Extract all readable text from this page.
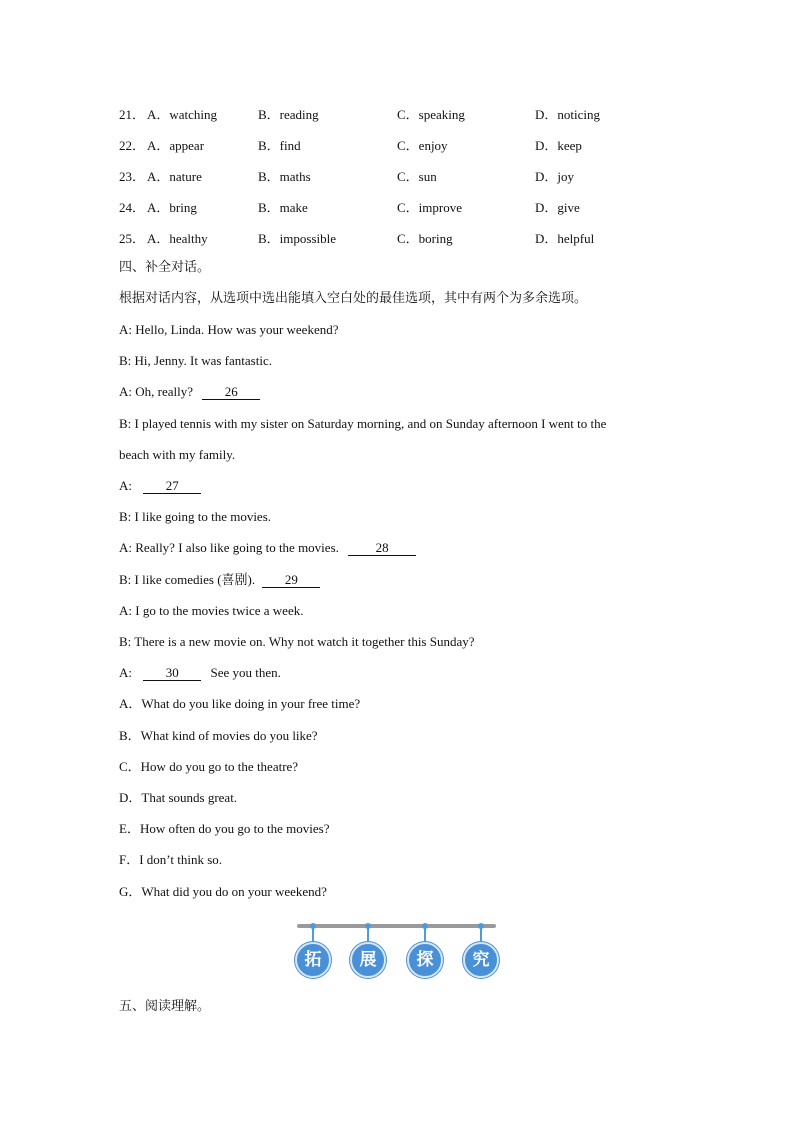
21． A．watching	B．reading	C．speaking	D．noticing
22． A．appear	B．find	C．enjoy	D．keep
23． A．nature	B．maths	C．sun	D．joy
24． A．bring	B．make	C．improve	D．give
25． A．healthy	B．impossible	C．boring	D．helpful
四、补全对话。
根据对话内容，从选项中选出能填入空白处的最佳选项，其中有两个为多余选项。
A: Hello, Linda. How was your weekend?
B: Hi, Jenny. It was fantastic.
A: Oh, really? 26
B: I played tennis with my sister on Saturday morning, and on Sunday afternoon I went to the
beach with my family.
A:	27
B: I like going to the movies.
A: Really? I also like going to the movies.	28
B: I like comedies (喜剧). 29
A: I go to the movies twice a week.
B: There is a new movie on. Why not watch it together this Sunday?
A:	30 See you then.
A．What do you like doing in your free time?
B．What kind of movies do you like?
C．How do you go to the theatre?
D．That sounds great.
E．How often do you go to the movies?
F．I don’t think so.
G．What did you do on your weekend?
拓	展	探	究
五、阅读理解。
